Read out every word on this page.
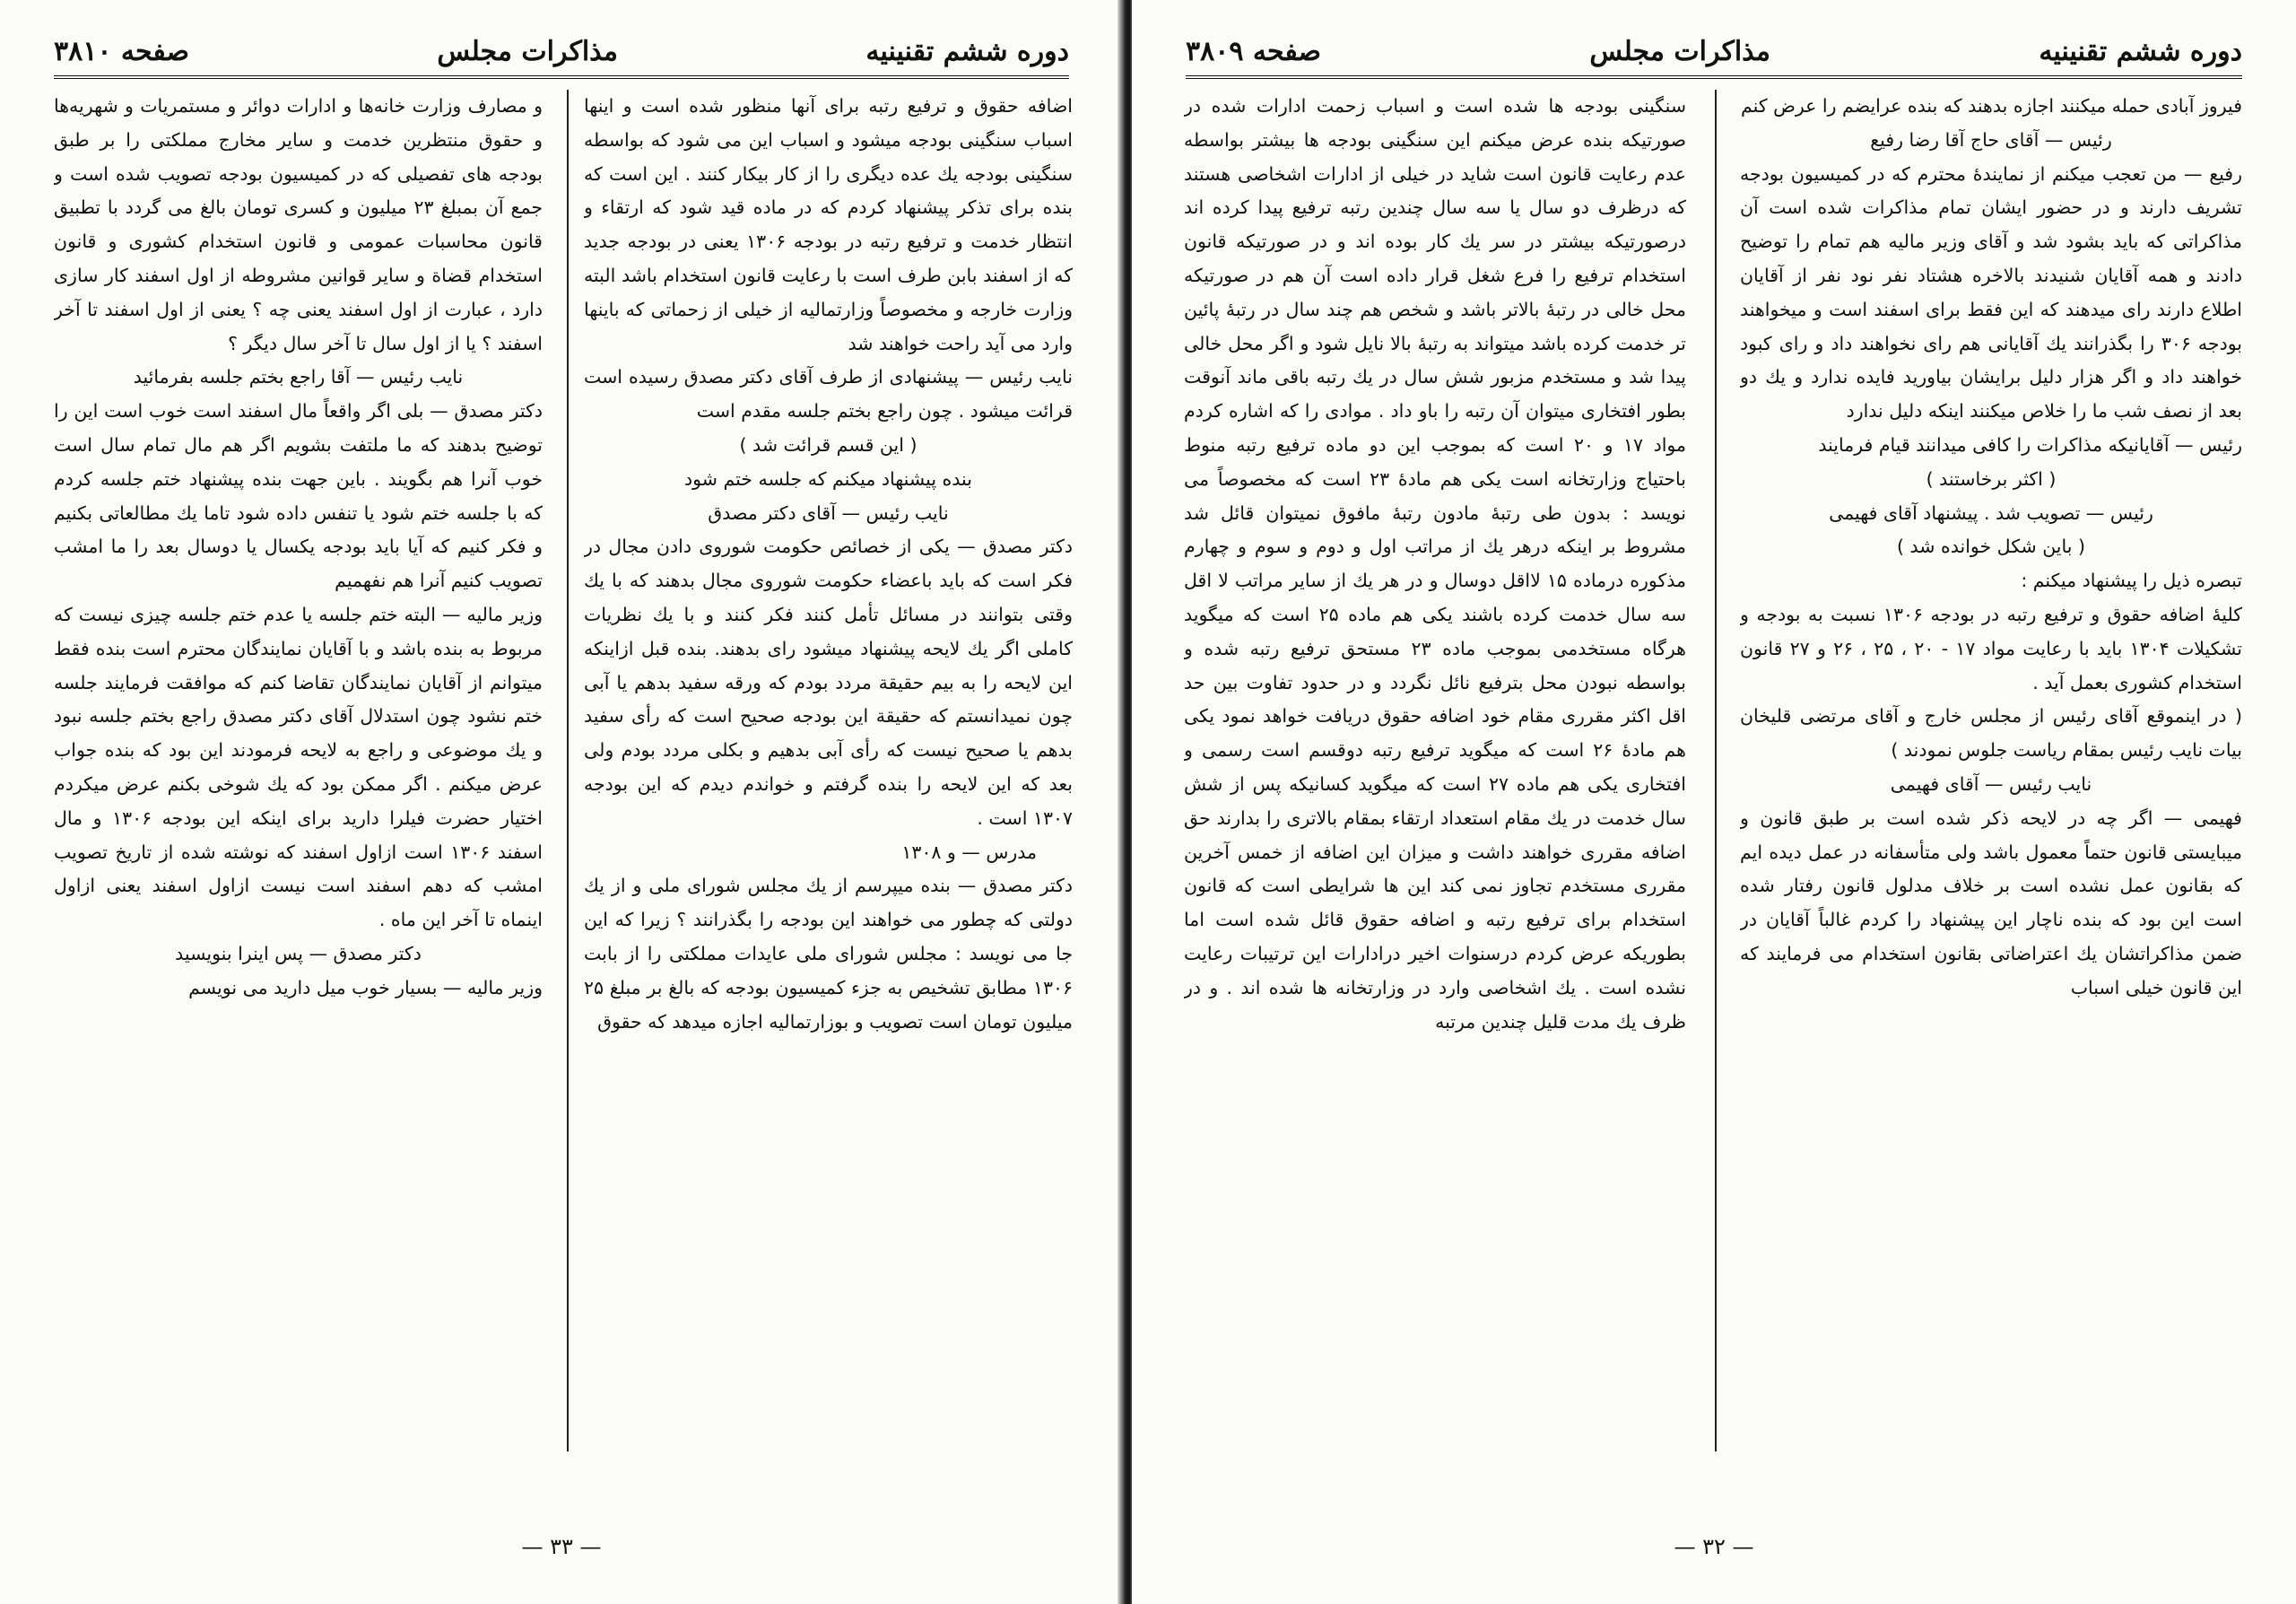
دوره ششم تقنینیه
مذاکرات مجلس
صفحه ۳۸۱۰

اضافه حقوق و ترفیع رتبه برای آنها منظور شده است و اینها اسباب سنگینی بودجه میشود و اسباب این می شود که بواسطه سنگینی بودجه یك عده دیگری را از کار بیکار کنند . این است که بنده برای تذکر پیشنهاد کردم که در ماده قید شود که ارتقاء و انتظار خدمت و ترفیع رتبه در بودجه ۱۳۰۶ یعنی در بودجه جدید که از اسفند بابن طرف است با رعایت قانون استخدام باشد البته وزارت خارجه و مخصوصاً وزارتمالیه از خیلی از زحماتی که باینها وارد می آید راحت خواهند شد

نایب رئیس — پیشنهادی از طرف آقای دکتر مصدق رسیده است قرائت میشود . چون راجع بختم جلسه مقدم است

( این قسم قرائت شد )

بنده پیشنهاد میکنم که جلسه ختم شود

نایب رئیس — آقای دکتر مصدق

دکتر مصدق — یکی از خصائص حکومت شوروی دادن مجال در فکر است که باید باعضاء حکومت شوروی مجال بدهند که با یك وقتی بتوانند در مسائل تأمل کنند فکر کنند و با یك نظریات کاملی اگر یك لایحه پیشنهاد میشود رای بدهند. بنده قبل ازاینکه این لایحه را به بیم حقیقة مردد بودم که ورقه سفید بدهم یا آبی چون نمیدانستم که حقیقة این بودجه صحیح است که رأی سفید بدهم یا صحیح نیست که رأی آبی بدهیم و بکلی مردد بودم ولی بعد که این لایحه را بنده گرفتم و خواندم دیدم که این بودجه ۱۳۰۷ است .

مدرس — و ۱۳۰۸

دکتر مصدق — بنده میپرسم از یك مجلس شورای ملی و از یك دولتی که چطور می خواهند این بودجه را بگذرانند ؟ زیرا که این جا می نویسد : مجلس شورای ملی عایدات مملکتی را از بابت ۱۳۰۶ مطابق تشخیص به جزء کمیسیون بودجه که بالغ بر مبلغ ۲۵ میلیون تومان است تصویب و بوزارتمالیه اجازه میدهد که حقوق

و مصارف وزارت خانه‌ها و ادارات دوائر و مستمریات و شهریه‌ها و حقوق منتظرین خدمت و سایر مخارج مملکتی را بر طبق بودجه های تفصیلی که در کمیسیون بودجه تصویب شده است و جمع آن بمبلغ ۲۳ میلیون و کسری تومان بالغ می گردد با تطبیق قانون محاسبات عمومی و قانون استخدام کشوری و قانون استخدام قضاة و سایر قوانین مشروطه از اول اسفند کار سازی دارد ، عبارت از اول اسفند یعنی چه ؟ یعنی از اول اسفند تا آخر اسفند ؟ یا از اول سال تا آخر سال دیگر ؟

نایب رئیس — آقا راجع بختم جلسه بفرمائید

دکتر مصدق — بلی اگر واقعاً مال اسفند است خوب است این را توضیح بدهند که ما ملتفت بشویم اگر هم مال تمام سال است خوب آنرا هم بگویند . باین جهت بنده پیشنهاد ختم جلسه کردم که با جلسه ختم شود یا تنفس داده شود تاما یك مطالعاتی بکنیم و فکر کنیم که آیا باید بودجه یکسال یا دوسال بعد را ما امشب تصویب کنیم آنرا هم نفهمیم

وزیر مالیه — البته ختم جلسه یا عدم ختم جلسه چیزی نیست که مربوط به بنده باشد و با آقایان نمایندگان محترم است بنده فقط میتوانم از آقایان نمایندگان تقاضا کنم که موافقت فرمایند جلسه ختم نشود چون استدلال آقای دکتر مصدق راجع بختم جلسه نبود و یك موضوعی و راجع به لایحه فرمودند این بود که بنده جواب عرض میکنم . اگر ممکن بود که یك شوخی بکنم عرض میکردم اختیار حضرت فیلرا دارید برای اینکه این بودجه ۱۳۰۶ و مال اسفند ۱۳۰۶ است ازاول اسفند که نوشته شده از تاریخ تصویب امشب که دهم اسفند است نیست ازاول اسفند یعنی ازاول اینماه تا آخر این ماه .

دکتر مصدق — پس اینرا بنویسید

وزیر مالیه — بسیار خوب میل دارید می نویسم

— ۳۳ —
دوره ششم تقنینیه
مذاکرات مجلس
صفحه ۳۸۰۹

فیروز آبادی حمله میکنند اجازه بدهند که بنده عرایضم را عرض کنم

رئیس — آقای حاج آقا رضا رفیع

رفیع — من تعجب میکنم از نمایندهٔ محترم که در کمیسیون بودجه تشریف دارند و در حضور ایشان تمام مذاکرات شده است آن مذاکراتی که باید بشود شد و آقای وزیر مالیه هم تمام را توضیح دادند و همه آقایان شنیدند بالاخره هشتاد نفر نود نفر از آقایان اطلاع دارند رای میدهند که این فقط برای اسفند است و میخواهند بودجه ۳۰۶ را بگذرانند یك آقایانی هم رای نخواهند داد و رای کبود خواهند داد و اگر هزار دلیل برایشان بیاورید فایده ندارد و یك دو بعد از نصف شب ما را خلاص میکنند اینکه دلیل ندارد

رئیس — آقایانیکه مذاکرات را کافی میدانند قیام فرمایند

( اکثر برخاستند )

رئیس — تصویب شد . پیشنهاد آقای فهیمی

( باین شکل خوانده شد )

تبصره ذیل را پیشنهاد میکنم :

کلیهٔ اضافه حقوق و ترفیع رتبه در بودجه ۱۳۰۶ نسبت به بودجه و تشکیلات ۱۳۰۴ باید با رعایت مواد ۱۷ - ۲۰ ، ۲۵ ، ۲۶ و ۲۷ قانون استخدام کشوری بعمل آید .

( در اینموقع آقای رئیس از مجلس خارج و آقای مرتضی قلیخان بیات نایب رئیس بمقام ریاست جلوس نمودند )

نایب رئیس — آقای فهیمی

فهیمی — اگر چه در لایحه ذکر شده است بر طبق قانون و میبایستی قانون حتماً معمول باشد ولی متأسفانه در عمل دیده ایم که بقانون عمل نشده است بر خلاف مدلول قانون رفتار شده است این بود که بنده ناچار این پیشنهاد را کردم غالباً آقایان در ضمن مذاکراتشان یك اعتراضاتی بقانون استخدام می فرمایند که این قانون خیلی اسباب

سنگینی بودجه ها شده است و اسباب زحمت ادارات شده در صورتیکه بنده عرض میکنم این سنگینی بودجه ها بیشتر بواسطه عدم رعایت قانون است شاید در خیلی از ادارات اشخاصی هستند که درظرف دو سال یا سه سال چندین رتبه ترفیع پیدا کرده اند درصورتیکه بیشتر در سر یك کار بوده اند و در صورتیکه قانون استخدام ترفیع را فرع شغل قرار داده است آن هم در صورتیکه محل خالی در رتبهٔ بالاتر باشد و شخص هم چند سال در رتبهٔ پائین تر خدمت کرده باشد میتواند به رتبهٔ بالا نایل شود و اگر محل خالی پیدا شد و مستخدم مزبور شش سال در یك رتبه باقی ماند آنوقت بطور افتخاری میتوان آن رتبه را باو داد . موادی را که اشاره کردم مواد ۱۷ و ۲۰ است که بموجب این دو ماده ترفیع رتبه منوط باحتیاج وزارتخانه است یکی هم مادهٔ ۲۳ است که مخصوصاً می نویسد : بدون طی رتبهٔ مادون رتبهٔ مافوق نمیتوان قائل شد مشروط بر اینکه درهر یك از مراتب اول و دوم و سوم و چهارم مذکوره درماده ۱۵ لااقل دوسال و در هر یك از سایر مراتب لا اقل سه سال خدمت کرده باشند یکی هم ماده ۲۵ است که میگوید هرگاه مستخدمی بموجب ماده ۲۳ مستحق ترفیع رتبه شده و بواسطه نبودن محل بترفیع نائل نگردد و در حدود تفاوت بین حد اقل اکثر مقرری مقام خود اضافه حقوق دریافت خواهد نمود یکی هم مادهٔ ۲۶ است که میگوید ترفیع رتبه دوقسم است رسمی و افتخاری یکی هم ماده ۲۷ است که میگوید کسانیکه پس از شش سال خدمت در یك مقام استعداد ارتقاء بمقام بالاتری را بدارند حق اضافه مقرری خواهند داشت و میزان این اضافه از خمس آخرین مقرری مستخدم تجاوز نمی کند این ها شرایطی است که قانون استخدام برای ترفیع رتبه و اضافه حقوق قائل شده است اما بطوریکه عرض کردم درسنوات اخیر درادارات این ترتیبات رعایت نشده است . یك اشخاصی وارد در وزارتخانه ها شده اند . و در ظرف یك مدت قلیل چندین مرتبه

— ۳۲ —
